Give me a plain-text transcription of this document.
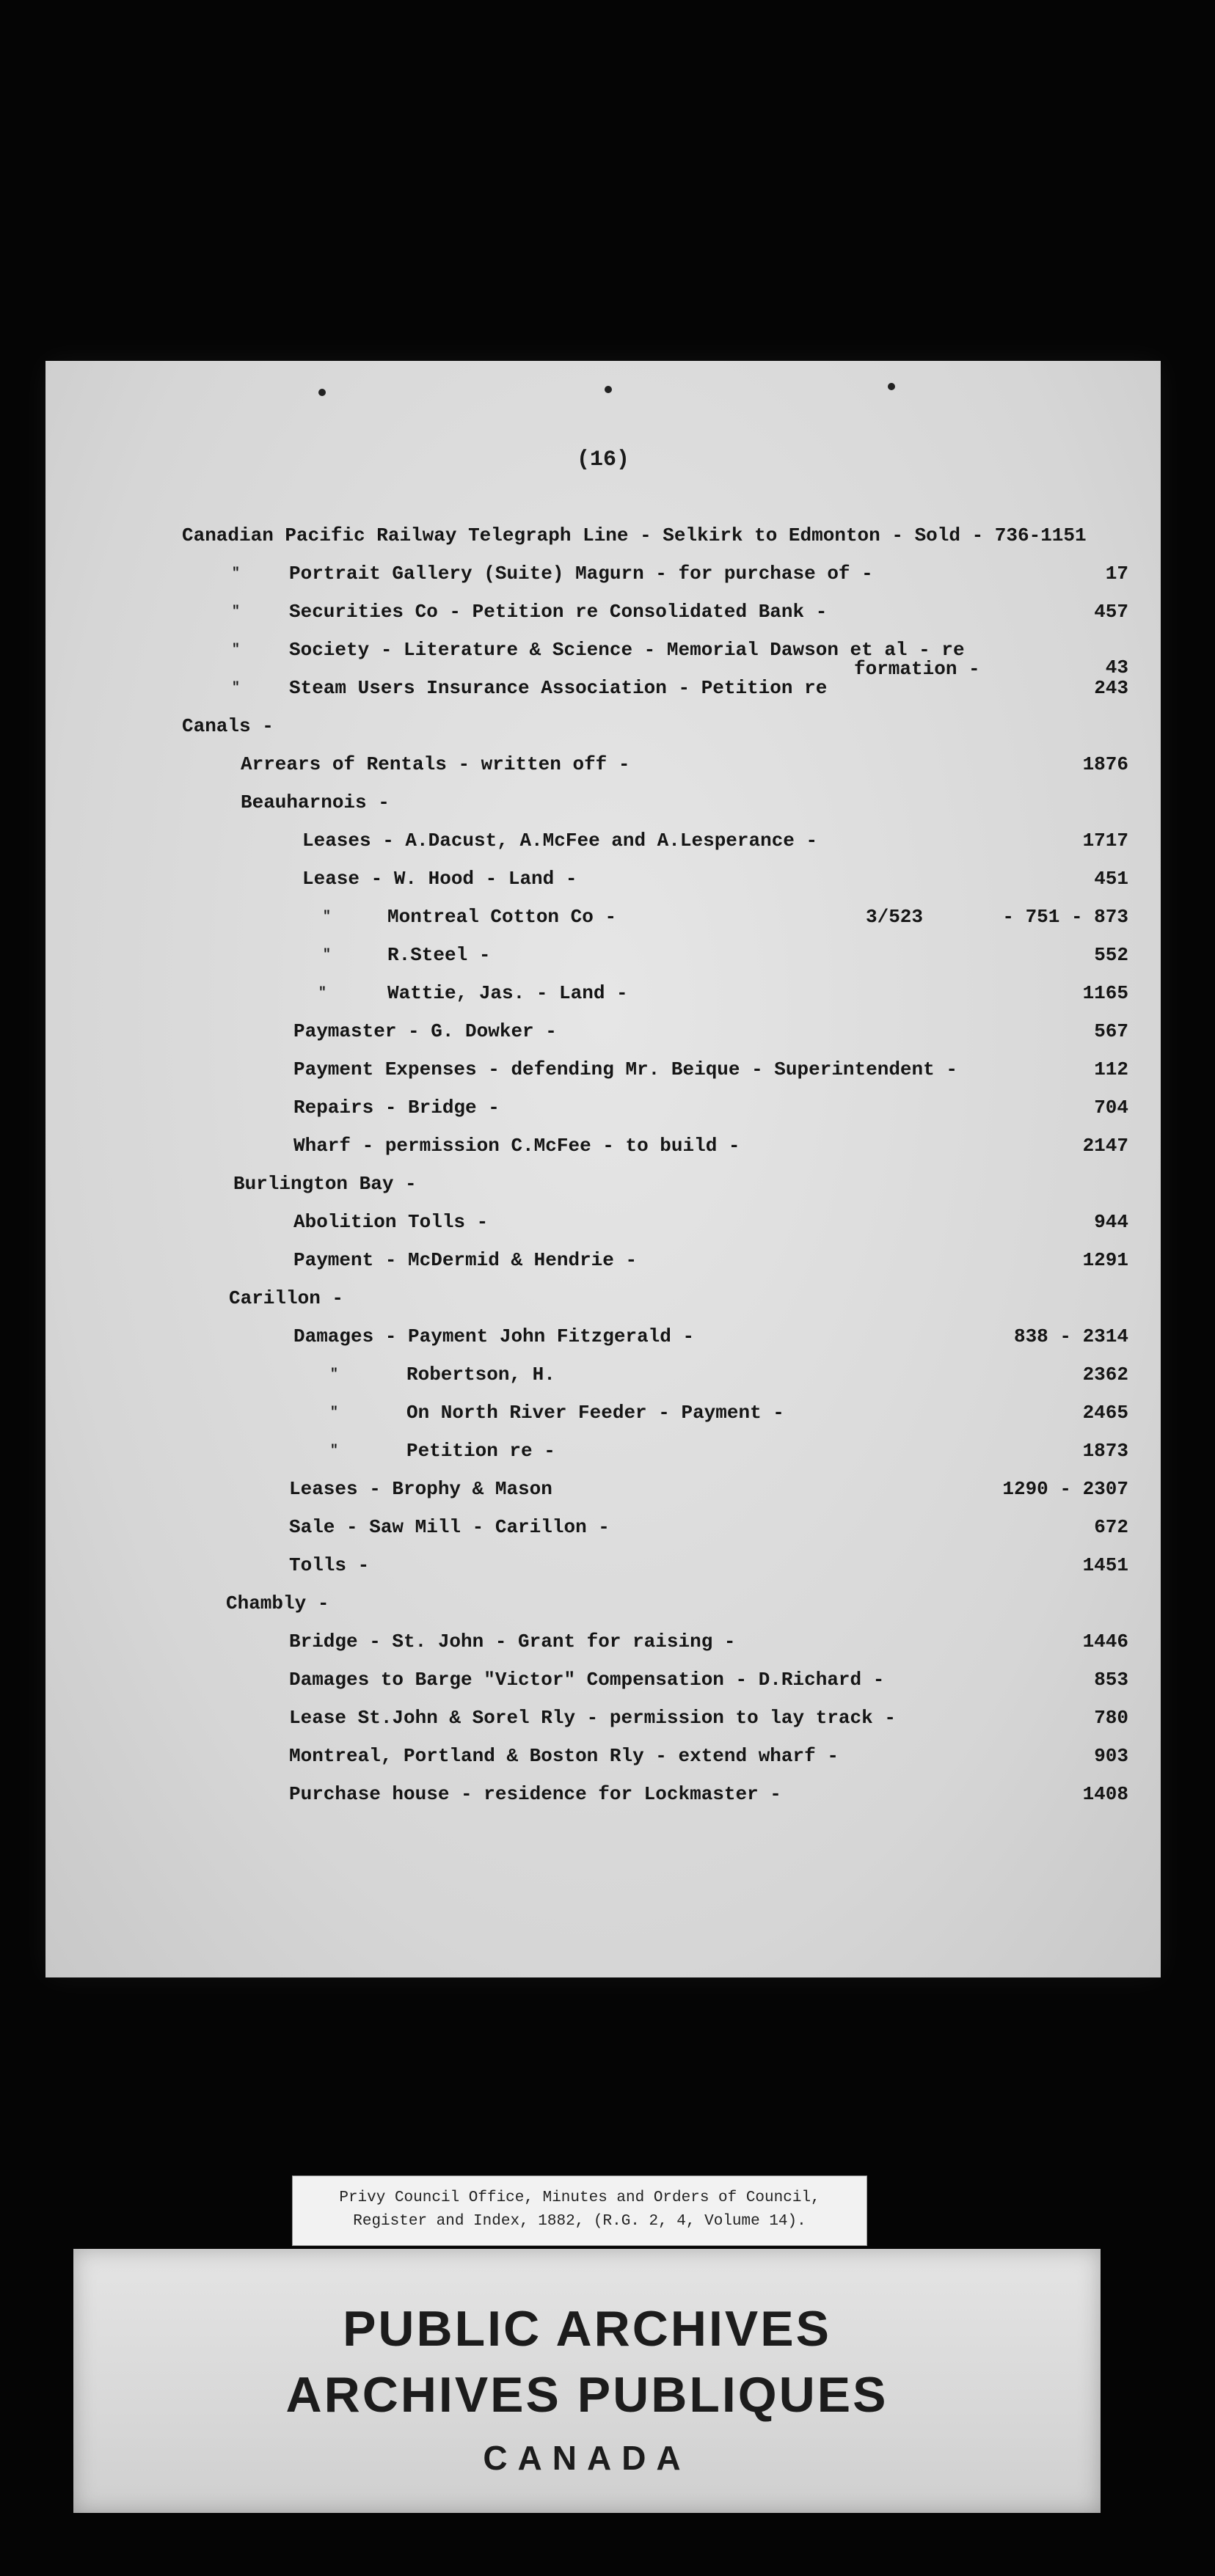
(16)
Canadian Pacific Railway Telegraph Line - Selkirk to Edmonton - Sold - 736-1151
"	Portrait Gallery (Suite) Magurn - for purchase of -	17
"	Securities Co - Petition re Consolidated Bank -	457
"	Society - Literature & Science - Memorial Dawson et al - re
formation -	43
"	Steam Users Insurance Association - Petition re	243
Canals -
Arrears of Rentals - written off -	1876
Beauharnois -
Leases - A.Dacust, A.McFee and A.Lesperance -	1717
Lease - W. Hood - Land -	451
"	Montreal Cotton Co -	3/523	- 751 - 873
"	R.Steel -	552
"	Wattie, Jas. - Land -	1165
Paymaster - G. Dowker -	567
Payment Expenses - defending Mr. Beique - Superintendent -	112
Repairs - Bridge -	704
Wharf - permission C.McFee - to build -	2147
Burlington Bay -
Abolition Tolls -	944
Payment - McDermid & Hendrie -	1291
Carillon -
Damages - Payment John Fitzgerald -	838 - 2314
"	Robertson, H.	2362
"	On North River Feeder - Payment -	2465
"	Petition re -	1873
Leases - Brophy & Mason	1290 - 2307
Sale - Saw Mill - Carillon -	672
Tolls -	1451
Chambly -
Bridge - St. John - Grant for raising -	1446
Damages to Barge "Victor" Compensation - D.Richard -	853
Lease St.John & Sorel Rly - permission to lay track -	780
Montreal, Portland & Boston Rly - extend wharf -	903
Purchase house - residence for Lockmaster -	1408
Privy Council Office, Minutes and Orders of Council,
Register and Index, 1882, (R.G. 2, 4, Volume 14).
PUBLIC ARCHIVES
ARCHIVES PUBLIQUES
CANADA
